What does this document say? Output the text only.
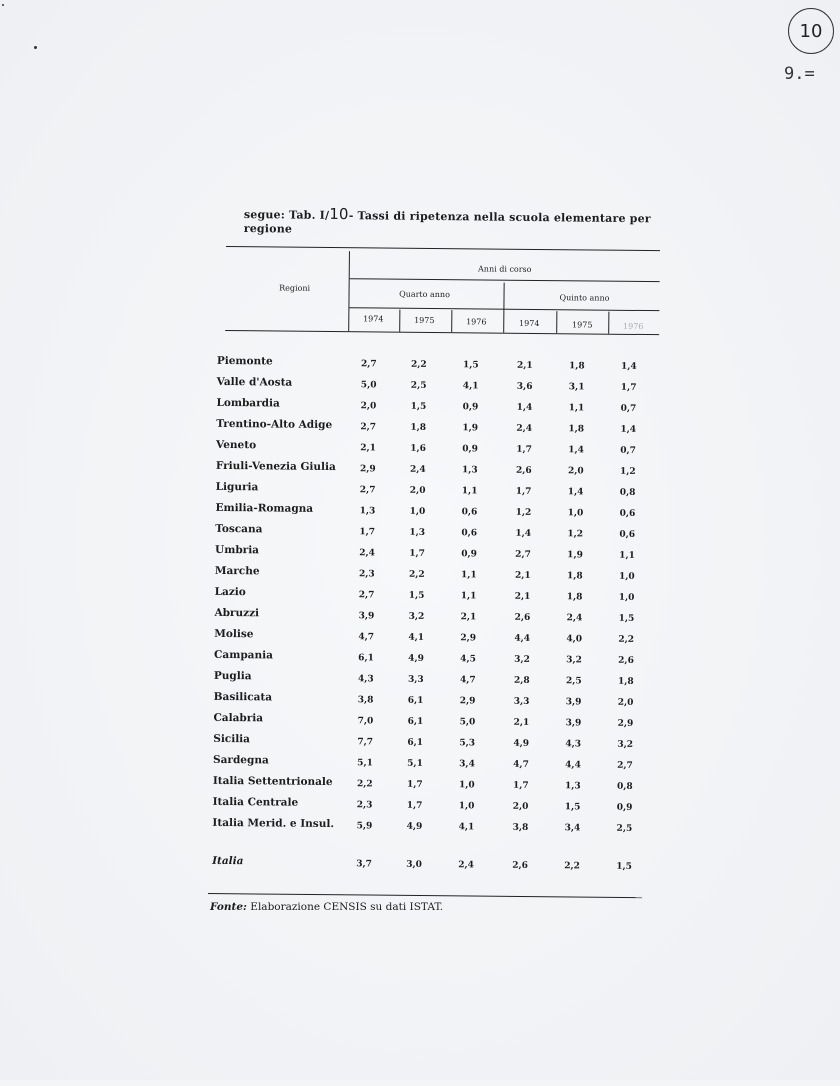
10
9.=
segue: Tab. I/10- Tassi di ripetenza nella scuola elementare per regione
Regioni
Anni di corso
Quarto anno	Quinto anno
1974	1975	1976	1974	1975	1976
Piemonte	2,7	2,2	1,5	2,1	1,8	1,4
Valle d'Aosta	5,0	2,5	4,1	3,6	3,1	1,7
Lombardia	2,0	1,5	0,9	1,4	1,1	0,7
Trentino-Alto Adige	2,7	1,8	1,9	2,4	1,8	1,4
Veneto	2,1	1,6	0,9	1,7	1,4	0,7
Friuli-Venezia Giulia	2,9	2,4	1,3	2,6	2,0	1,2
Liguria	2,7	2,0	1,1	1,7	1,4	0,8
Emilia-Romagna	1,3	1,0	0,6	1,2	1,0	0,6
Toscana	1,7	1,3	0,6	1,4	1,2	0,6
Umbria	2,4	1,7	0,9	2,7	1,9	1,1
Marche	2,3	2,2	1,1	2,1	1,8	1,0
Lazio	2,7	1,5	1,1	2,1	1,8	1,0
Abruzzi	3,9	3,2	2,1	2,6	2,4	1,5
Molise	4,7	4,1	2,9	4,4	4,0	2,2
Campania	6,1	4,9	4,5	3,2	3,2	2,6
Puglia	4,3	3,3	4,7	2,8	2,5	1,8
Basilicata	3,8	6,1	2,9	3,3	3,9	2,0
Calabria	7,0	6,1	5,0	2,1	3,9	2,9
Sicilia	7,7	6,1	5,3	4,9	4,3	3,2
Sardegna	5,1	5,1	3,4	4,7	4,4	2,7
Italia Settentrionale	2,2	1,7	1,0	1,7	1,3	0,8
Italia Centrale	2,3	1,7	1,0	2,0	1,5	0,9
Italia Merid. e Insul.	5,9	4,9	4,1	3,8	3,4	2,5
Italia	3,7	3,0	2,4	2,6	2,2	1,5
Fonte: Elaborazione CENSIS su dati ISTAT.
